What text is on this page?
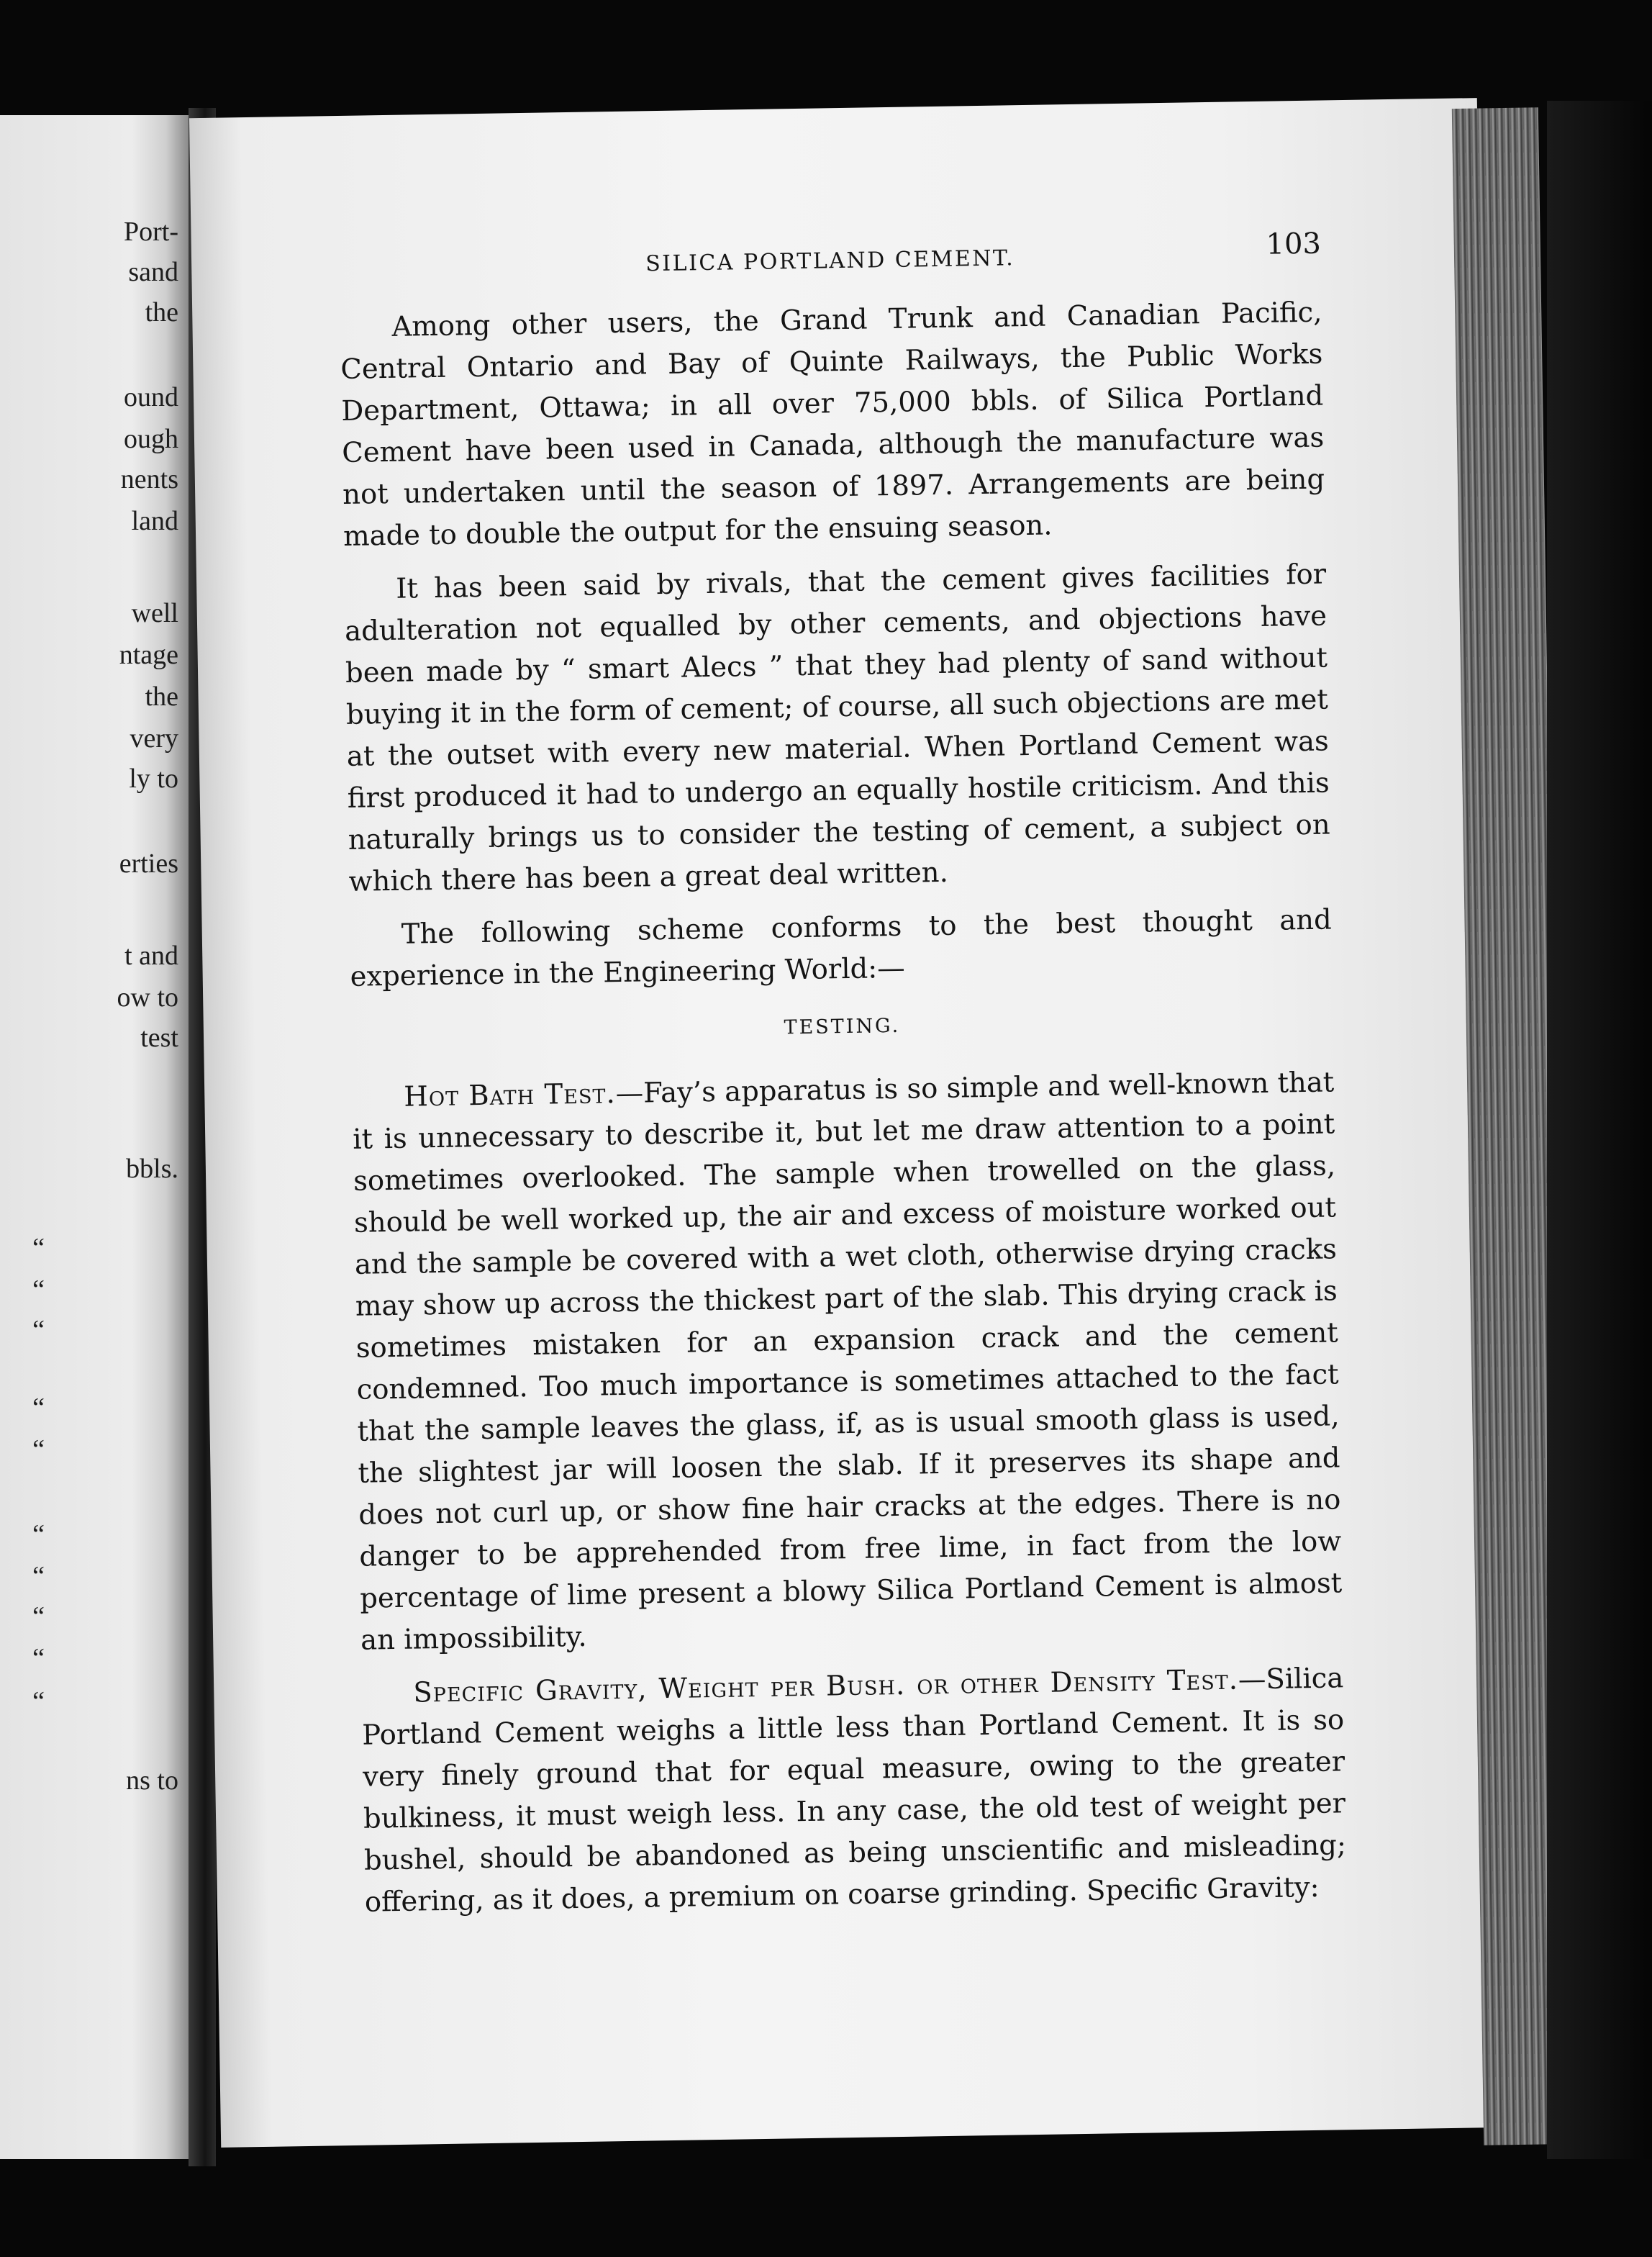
Port-
sand
the
ound
ough
nents
land
well
ntage
the
very
ly to
erties
t and
ow to
test
bbls.
“
“
“
“
“
“
“
“
“
“
ns to
SILICA PORTLAND CEMENT.
103

Among other users, the Grand Trunk and Canadian Pacific, Central Ontario and Bay of Quinte Railways, the Public Works Department, Ottawa; in all over 75,000 bbls. of Silica Portland Cement have been used in Canada, although the manufacture was not undertaken until the season of 1897. Arrangements are being made to double the output for the ensuing season.

It has been said by rivals, that the cement gives facilities for adulteration not equalled by other cements, and objections have been made by “ smart Alecs ” that they had plenty of sand without buying it in the form of cement; of course, all such objections are met at the outset with every new material. When Portland Cement was first produced it had to undergo an equally hostile criticism. And this naturally brings us to consider the testing of cement, a subject on which there has been a great deal written.

The following scheme conforms to the best thought and experience in the Engineering World:—

TESTING.

Hot Bath Test.—Fay’s apparatus is so simple and well-known that it is unnecessary to describe it, but let me draw attention to a point sometimes overlooked. The sample when trowelled on the glass, should be well worked up, the air and excess of moisture worked out and the sample be covered with a wet cloth, otherwise drying cracks may show up across the thickest part of the slab. This drying crack is sometimes mistaken for an expansion crack and the cement condemned. Too much importance is sometimes attached to the fact that the sample leaves the glass, if, as is usual smooth glass is used, the slightest jar will loosen the slab. If it preserves its shape and does not curl up, or show fine hair cracks at the edges. There is no danger to be apprehended from free lime, in fact from the low percentage of lime present a blowy Silica Portland Cement is almost an impossibility.

Specific Gravity, Weight per Bush. or other Density Test.—Silica Portland Cement weighs a little less than Portland Cement. It is so very finely ground that for equal measure, owing to the greater bulkiness, it must weigh less. In any case, the old test of weight per bushel, should be abandoned as being unscientific and misleading; offering, as it does, a premium on coarse grinding. Specific Gravity:
